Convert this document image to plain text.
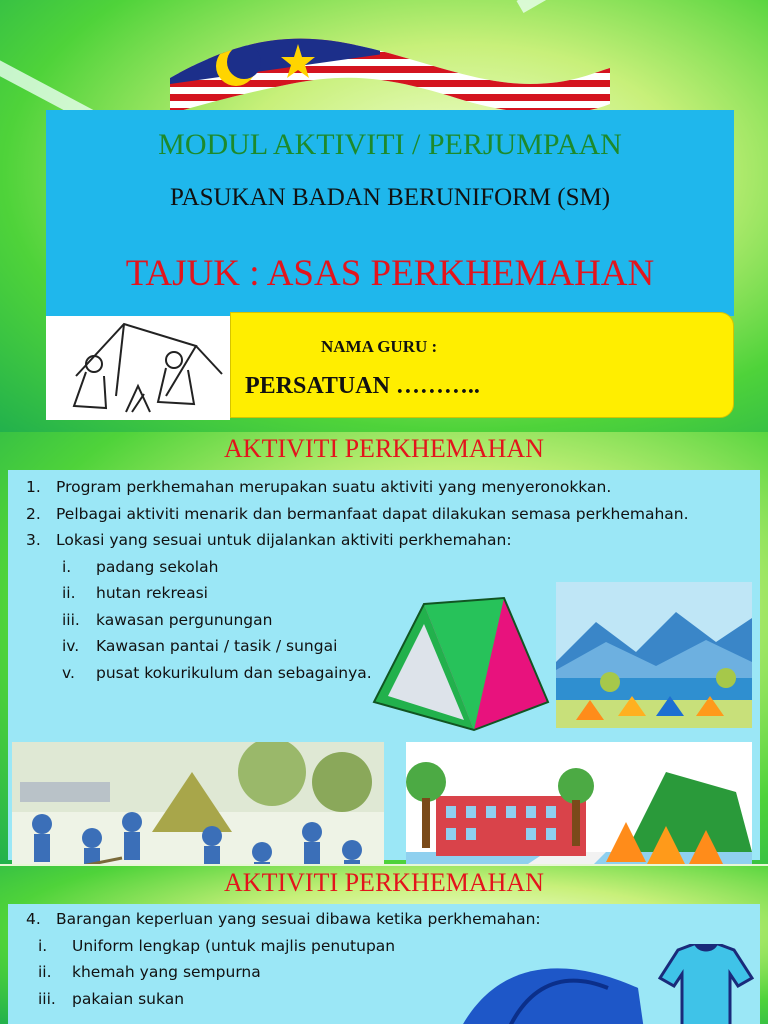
MODUL AKTIVITI / PERJUMPAAN
PASUKAN BADAN BERUNIFORM (SM)
TAJUK : ASAS PERKHEMAHAN
NAMA GURU :
PERSATUAN ………..
AKTIVITI PERKHEMAHAN
1. Program perkhemahan merupakan suatu aktiviti yang menyeronokkan.
2. Pelbagai aktiviti menarik dan bermanfaat dapat dilakukan semasa perkhemahan.
3. Lokasi yang sesuai untuk dijalankan aktiviti perkhemahan:
i.	padang sekolah
ii.	hutan rekreasi
iii.	kawasan pergunungan
iv.	Kawasan pantai / tasik / sungai
v.	pusat kokurikulum dan sebagainya.
AKTIVITI PERKHEMAHAN
4. Barangan keperluan yang sesuai dibawa ketika perkhemahan:
i.	Uniform lengkap (untuk majlis penutupan
ii.	khemah yang sempurna
iii.	pakaian sukan
